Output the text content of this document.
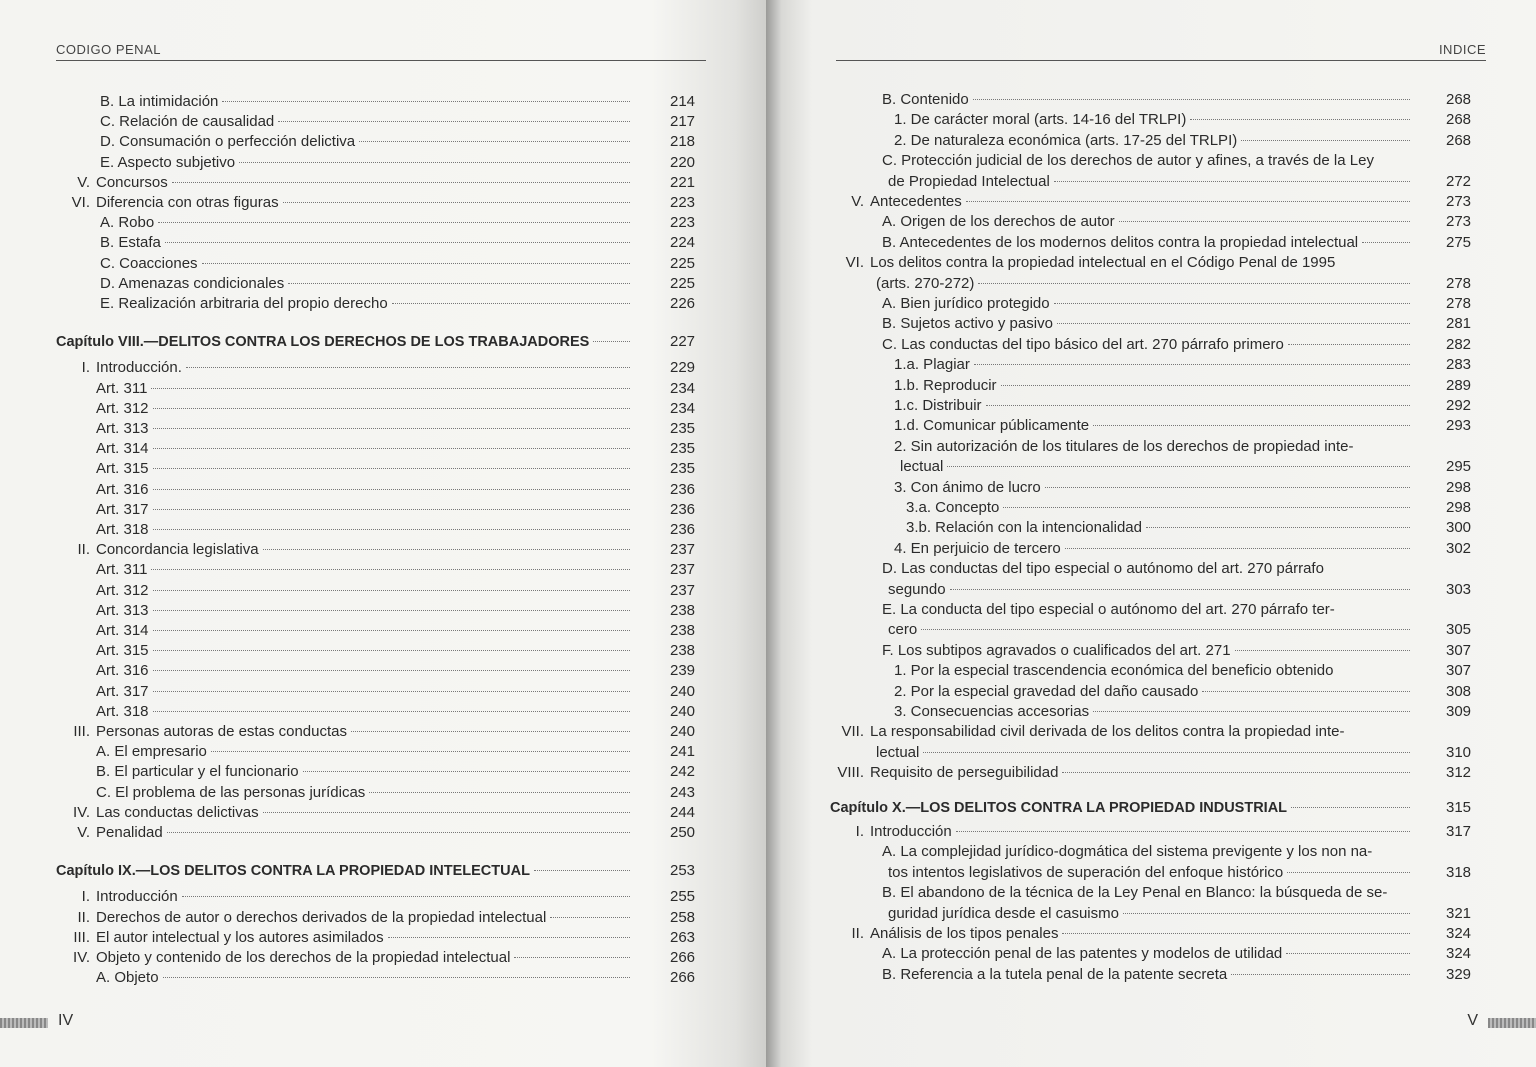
CODIGO PENAL
B. La intimidación	214
C. Relación de causalidad	217
D. Consumación o perfección delictiva	218
E. Aspecto subjetivo	220
V. Concursos	221
VI. Diferencia con otras figuras	223
A. Robo	223
B. Estafa	224
C. Coacciones	225
D. Amenazas condicionales	225
E. Realización arbitraria del propio derecho	226
Capítulo VIII.—DELITOS CONTRA LOS DERECHOS DE LOS TRABAJADORES	227
I. Introducción.	229
Art. 311	234
Art. 312	234
Art. 313	235
Art. 314	235
Art. 315	235
Art. 316	236
Art. 317	236
Art. 318	236
II. Concordancia legislativa	237
Art. 311	237
Art. 312	237
Art. 313	238
Art. 314	238
Art. 315	238
Art. 316	239
Art. 317	240
Art. 318	240
III. Personas autoras de estas conductas	240
A. El empresario	241
B. El particular y el funcionario	242
C. El problema de las personas jurídicas	243
IV. Las conductas delictivas	244
V. Penalidad	250
Capítulo IX.—LOS DELITOS CONTRA LA PROPIEDAD INTELECTUAL	253
I. Introducción	255
II. Derechos de autor o derechos derivados de la propiedad intelectual	258
III. El autor intelectual y los autores asimilados	263
IV. Objeto y contenido de los derechos de la propiedad intelectual	266
A. Objeto	266
IV
INDICE
B. Contenido	268
1. De carácter moral (arts. 14-16 del TRLPI)	268
2. De naturaleza económica (arts. 17-25 del TRLPI)	268
C. Protección judicial de los derechos de autor y afines, a través de la Ley
de Propiedad Intelectual	272
V. Antecedentes	273
A. Origen de los derechos de autor	273
B. Antecedentes de los modernos delitos contra la propiedad intelectual	275
VI. Los delitos contra la propiedad intelectual en el Código Penal de 1995
(arts. 270-272)	278
A. Bien jurídico protegido	278
B. Sujetos activo y pasivo	281
C. Las conductas del tipo básico del art. 270 párrafo primero	282
1.a. Plagiar	283
1.b. Reproducir	289
1.c. Distribuir	292
1.d. Comunicar públicamente	293
2. Sin autorización de los titulares de los derechos de propiedad inte-
lectual	295
3. Con ánimo de lucro	298
3.a. Concepto	298
3.b. Relación con la intencionalidad	300
4. En perjuicio de tercero	302
D. Las conductas del tipo especial o autónomo del art. 270 párrafo
segundo	303
E. La conducta del tipo especial o autónomo del art. 270 párrafo ter-
cero	305
F. Los subtipos agravados o cualificados del art. 271	307
1. Por la especial trascendencia económica del beneficio obtenido	307
2. Por la especial gravedad del daño causado	308
3. Consecuencias accesorias	309
VII. La responsabilidad civil derivada de los delitos contra la propiedad inte-
lectual	310
VIII. Requisito de perseguibilidad	312
Capítulo X.—LOS DELITOS CONTRA LA PROPIEDAD INDUSTRIAL	315
I. Introducción	317
A. La complejidad jurídico-dogmática del sistema previgente y los non na-
tos intentos legislativos de superación del enfoque histórico	318
B. El abandono de la técnica de la Ley Penal en Blanco: la búsqueda de se-
guridad jurídica desde el casuismo	321
II. Análisis de los tipos penales	324
A. La protección penal de las patentes y modelos de utilidad	324
B. Referencia a la tutela penal de la patente secreta	329
V
